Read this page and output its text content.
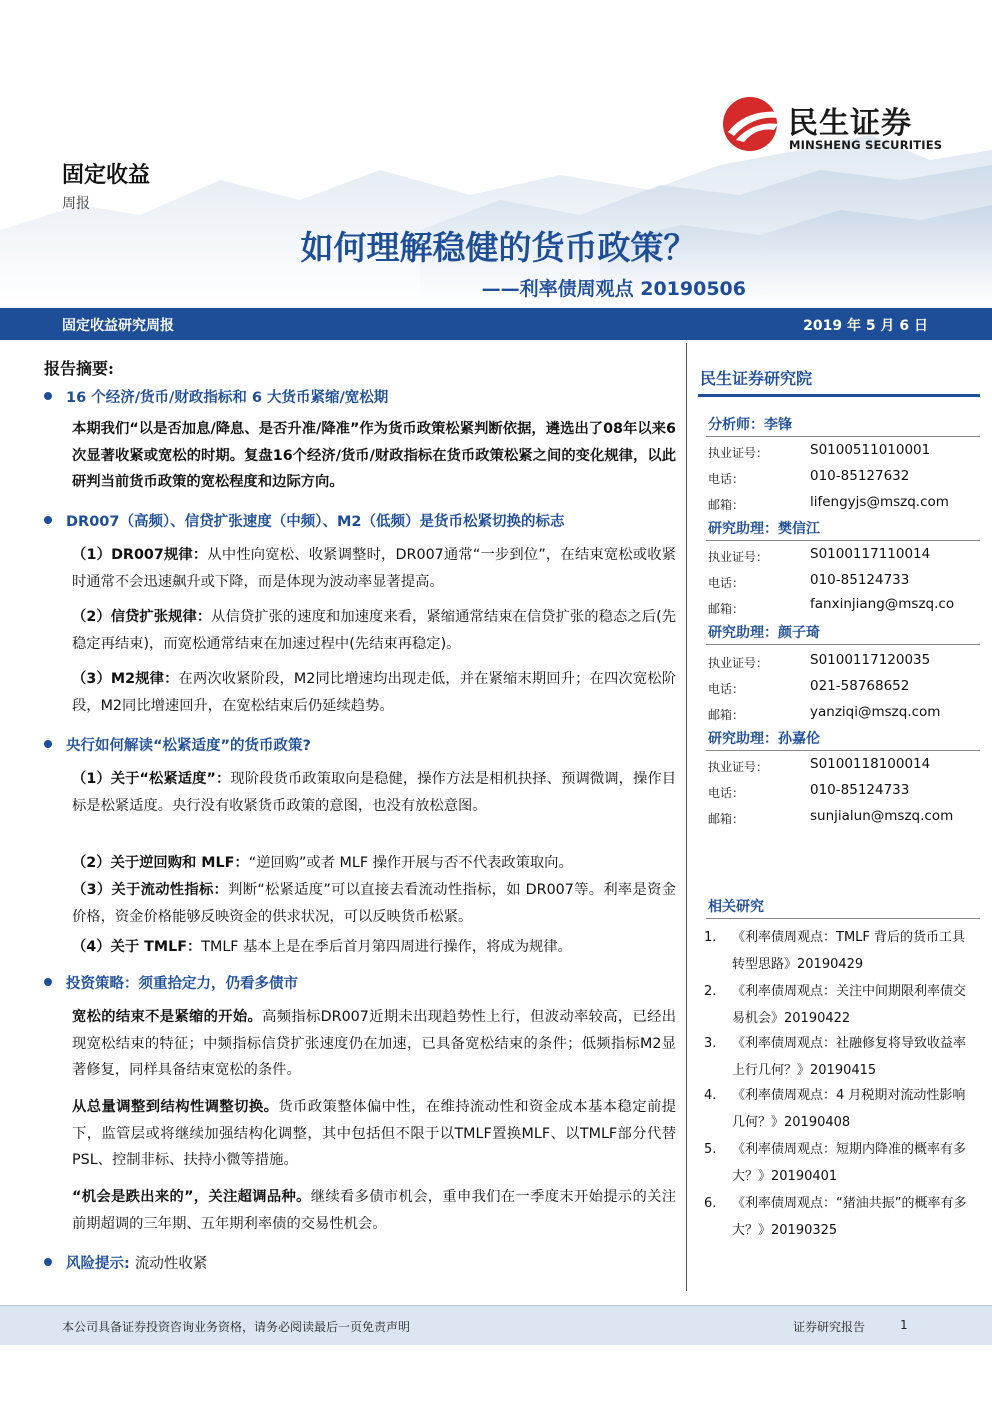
民生证券
MINSHENG SECURITIES
固定收益
周报
如何理解稳健的货币政策？
——利率债周观点 20190506
固定收益研究周报	2019 年 5 月 6 日
报告摘要:
16 个经济/货币/财政指标和 6 大货币紧缩/宽松期
本期我们“以是否加息/降息、是否升准/降准”作为货币政策松紧判断依据，遴选出了08年以来6次显著收紧或宽松的时期。复盘16个经济/货币/财政指标在货币政策松紧之间的变化规律，以此研判当前货币政策的宽松程度和边际方向。
DR007（高频）、信贷扩张速度（中频）、M2（低频）是货币松紧切换的标志
（1）DR007规律：从中性向宽松、收紧调整时，DR007通常“一步到位”，在结束宽松或收紧时通常不会迅速飙升或下降，而是体现为波动率显著提高。
（2）信贷扩张规律：从信贷扩张的速度和加速度来看，紧缩通常结束在信贷扩张的稳态之后(先稳定再结束)，而宽松通常结束在加速过程中(先结束再稳定)。
（3）M2规律：在两次收紧阶段，M2同比增速均出现走低，并在紧缩末期回升；在四次宽松阶段，M2同比增速回升，在宽松结束后仍延续趋势。
央行如何解读“松紧适度”的货币政策?
（1）关于“松紧适度”：现阶段货币政策取向是稳健，操作方法是相机抉择、预调微调，操作目标是松紧适度。央行没有收紧货币政策的意图，也没有放松意图。
（2）关于逆回购和 MLF：“逆回购”或者 MLF 操作开展与否不代表政策取向。
（3）关于流动性指标：判断“松紧适度”可以直接去看流动性指标，如 DR007等。利率是资金价格，资金价格能够反映资金的供求状况，可以反映货币松紧。
（4）关于 TMLF：TMLF 基本上是在季后首月第四周进行操作，将成为规律。
投资策略：须重拾定力，仍看多债市
宽松的结束不是紧缩的开始。高频指标DR007近期未出现趋势性上行，但波动率较高，已经出现宽松结束的特征；中频指标信贷扩张速度仍在加速，已具备宽松结束的条件；低频指标M2显著修复，同样具备结束宽松的条件。
从总量调整到结构性调整切换。货币政策整体偏中性，在维持流动性和资金成本基本稳定前提下，监管层或将继续加强结构化调整，其中包括但不限于以TMLF置换MLF、以TMLF部分代替PSL、控制非标、扶持小微等措施。
“机会是跌出来的”，关注超调品种。继续看多债市机会，重申我们在一季度末开始提示的关注前期超调的三年期、五年期利率债的交易性机会。
风险提示: 流动性收紧
民生证券研究院
分析师：李锋
执业证号：	S0100511010001
电话：	010-85127632
邮箱：	lifengyjs@mszq.com
研究助理：樊信江
执业证号：	S0100117110014
电话：	010-85124733
邮箱：	fanxinjiang@mszq.co
研究助理：颜子琦
执业证号：	S0100117120035
电话：	021-58768652
邮箱：	yanziqi@mszq.com
研究助理：孙嘉伦
执业证号：	S0100118100014
电话：	010-85124733
邮箱：	sunjialun@mszq.com
相关研究
1. 《利率债周观点：TMLF 背后的货币工具转型思路》20190429
2. 《利率债周观点：关注中间期限利率债交易机会》20190422
3. 《利率债周观点：社融修复将导致收益率上行几何？》20190415
4. 《利率债周观点：4 月税期对流动性影响几何？》20190408
5. 《利率债周观点：短期内降准的概率有多大？》20190401
6. 《利率债周观点：“猪油共振”的概率有多大？》20190325
本公司具备证券投资咨询业务资格，请务必阅读最后一页免责声明	证券研究报告	1
